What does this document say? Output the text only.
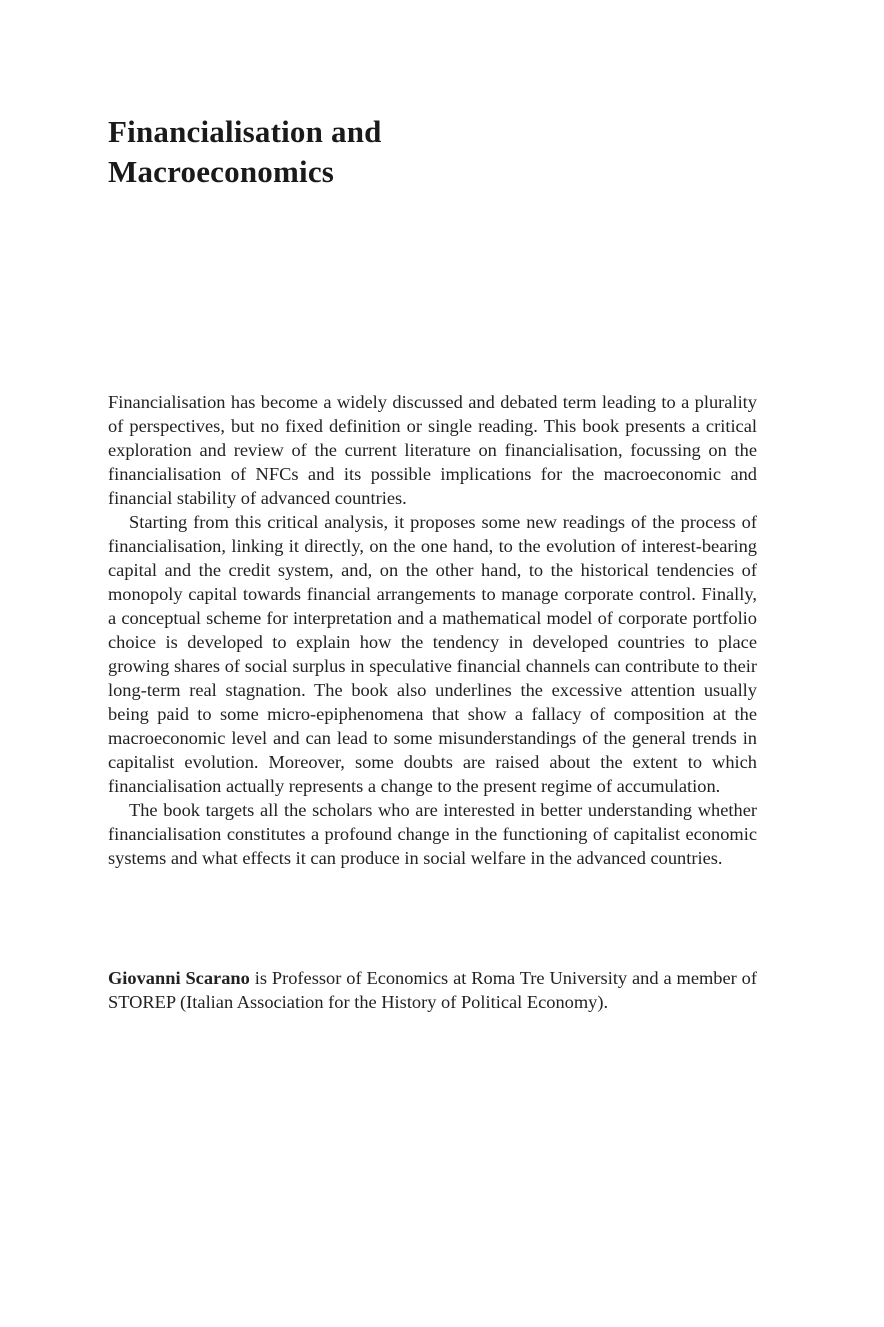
Financialisation and
Macroeconomics

Financialisation has become a widely discussed and debated term leading to a plurality of perspectives, but no fixed definition or single reading. This book presents a critical exploration and review of the current literature on financialisation, focussing on the financialisation of NFCs and its possible implications for the macroeconomic and financial stability of advanced countries.

Starting from this critical analysis, it proposes some new readings of the process of financialisation, linking it directly, on the one hand, to the evolution of interest-bearing capital and the credit system, and, on the other hand, to the historical tendencies of monopoly capital towards financial arrangements to manage corporate control. Finally, a conceptual scheme for interpretation and a mathematical model of corporate portfolio choice is developed to explain how the tendency in developed countries to place growing shares of social surplus in speculative financial channels can contribute to their long-term real stagnation. The book also underlines the excessive attention usually being paid to some micro-epiphenomena that show a fallacy of composition at the macroeconomic level and can lead to some misunderstandings of the general trends in capitalist evolution. Moreover, some doubts are raised about the extent to which financialisation actually represents a change to the present regime of accumulation.

The book targets all the scholars who are interested in better understanding whether financialisation constitutes a profound change in the functioning of capitalist economic systems and what effects it can produce in social welfare in the advanced countries.

Giovanni Scarano is Professor of Economics at Roma Tre University and a member of STOREP (Italian Association for the History of Political Economy).
